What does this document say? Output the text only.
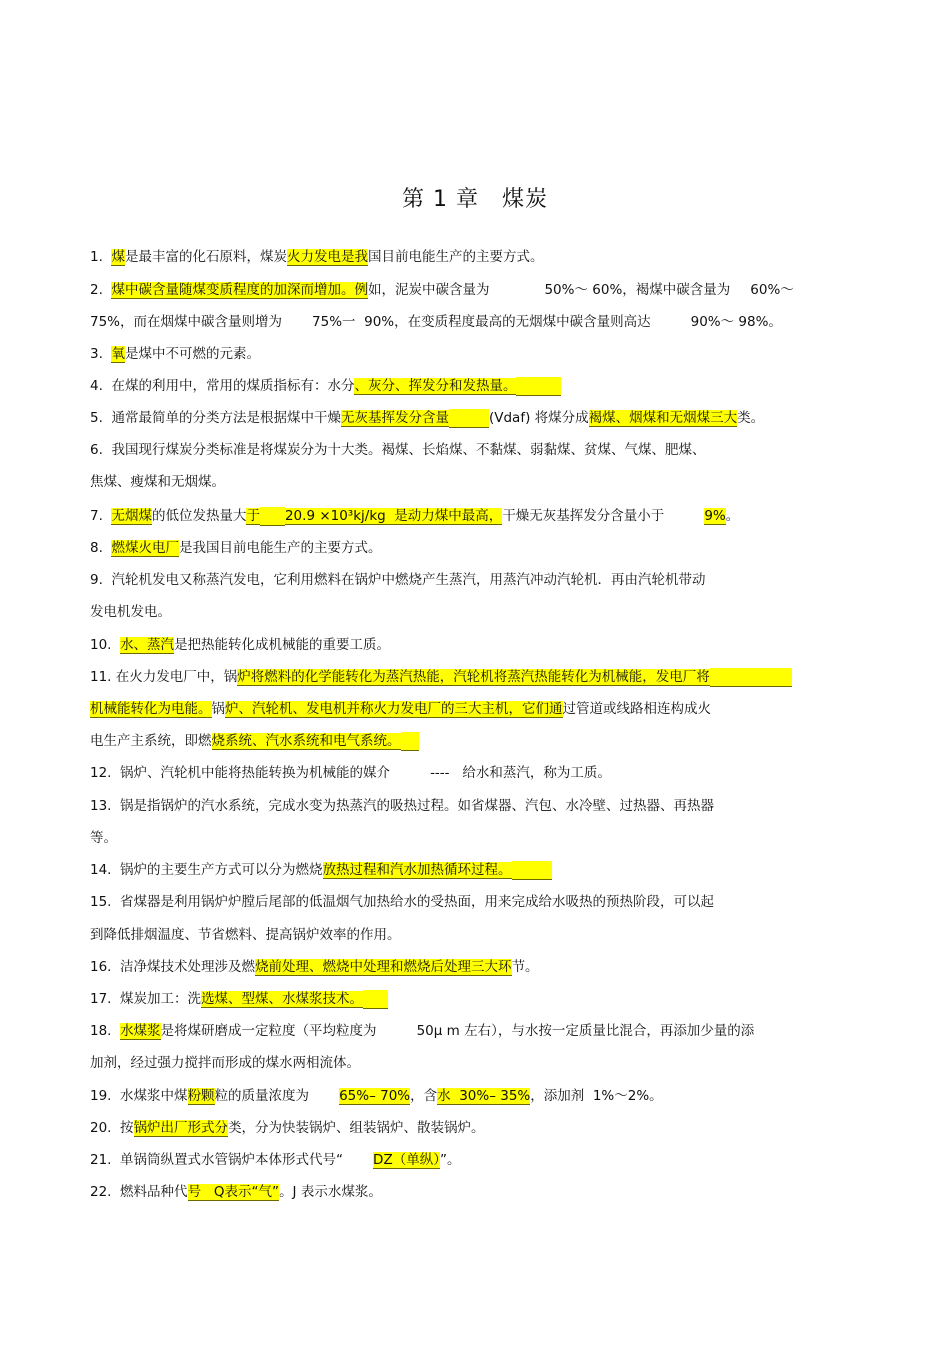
第 1 章　煤炭
1.  煤是最丰富的化石原料，煤炭火力发电是我国目前电能生产的主要方式。
2.  煤中碳含量随煤变质程度的加深而增加。例如，泥炭中碳含量为	50%～ 60%，褐煤中碳含量为 60%～
75%，而在烟煤中碳含量则增为 75%一  90%，在变质程度最高的无烟煤中碳含量则高达	90%～ 98%。
3.  氧是煤中不可燃的元素。
4.  在煤的利用中，常用的煤质指标有：水分、灰分、挥发分和发热量。
5.  通常最简单的分类方法是根据煤中干燥无灰基挥发分含量	(Vdaf) 将煤分成褐煤、烟煤和无烟煤三大类。
6.  我国现行煤炭分类标准是将煤炭分为十大类。褐煤、长焰煤、不黏煤、弱黏煤、贫煤、气煤、肥煤、
焦煤、瘦煤和无烟煤。
7.  无烟煤的低位发热量大于 20.9 ×10³kj/kg  是动力煤中最高，干燥无灰基挥发分含量小于	9%。
8.  燃煤火电厂是我国目前电能生产的主要方式。
9.  汽轮机发电又称蒸汽发电，它利用燃料在锅炉中燃烧产生蒸汽，用蒸汽冲动汽轮机．再由汽轮机带动
发电机发电。
10.  水、蒸汽是把热能转化成机械能的重要工质。
11. 在火力发电厂中，锅炉将燃料的化学能转化为蒸汽热能，汽轮机将蒸汽热能转化为机械能，发电厂将
机械能转化为电能。锅炉、汽轮机、发电机并称火力发电厂的三大主机，它们通过管道或线路相连构成火
电生产主系统，即燃烧系统、汽水系统和电气系统。
12.  锅炉、汽轮机中能将热能转换为机械能的媒介	----   给水和蒸汽，称为工质。
13.  锅是指锅炉的汽水系统，完成水变为热蒸汽的吸热过程。如省煤器、汽包、水冷壁、过热器、再热器
等。
14.  锅炉的主要生产方式可以分为燃烧放热过程和汽水加热循环过程。
15.  省煤器是利用锅炉炉膛后尾部的低温烟气加热给水的受热面，用来完成给水吸热的预热阶段，可以起
到降低排烟温度、节省燃料、提高锅炉效率的作用。
16.  洁净煤技术处理涉及燃烧前处理、燃烧中处理和燃烧后处理三大环节。
17.  煤炭加工：洗选煤、型煤、水煤浆技术。
18.  水煤浆是将煤研磨成一定粒度（平均粒度为	50μ m 左右），与水按一定质量比混合，再添加少量的添
加剂，经过强力搅拌而形成的煤水两相流体。
19.  水煤浆中煤粉颗粒的质量浓度为 65%– 70%，含水  30%– 35%，添加剂  1%～2%。
20.  按锅炉出厂形式分类，分为快装锅炉、组装锅炉、散装锅炉。
21.  单锅筒纵置式水管锅炉本体形式代号“ DZ（单纵）”。
22.  燃料品种代号   Q表示“气”。J 表示水煤浆。
